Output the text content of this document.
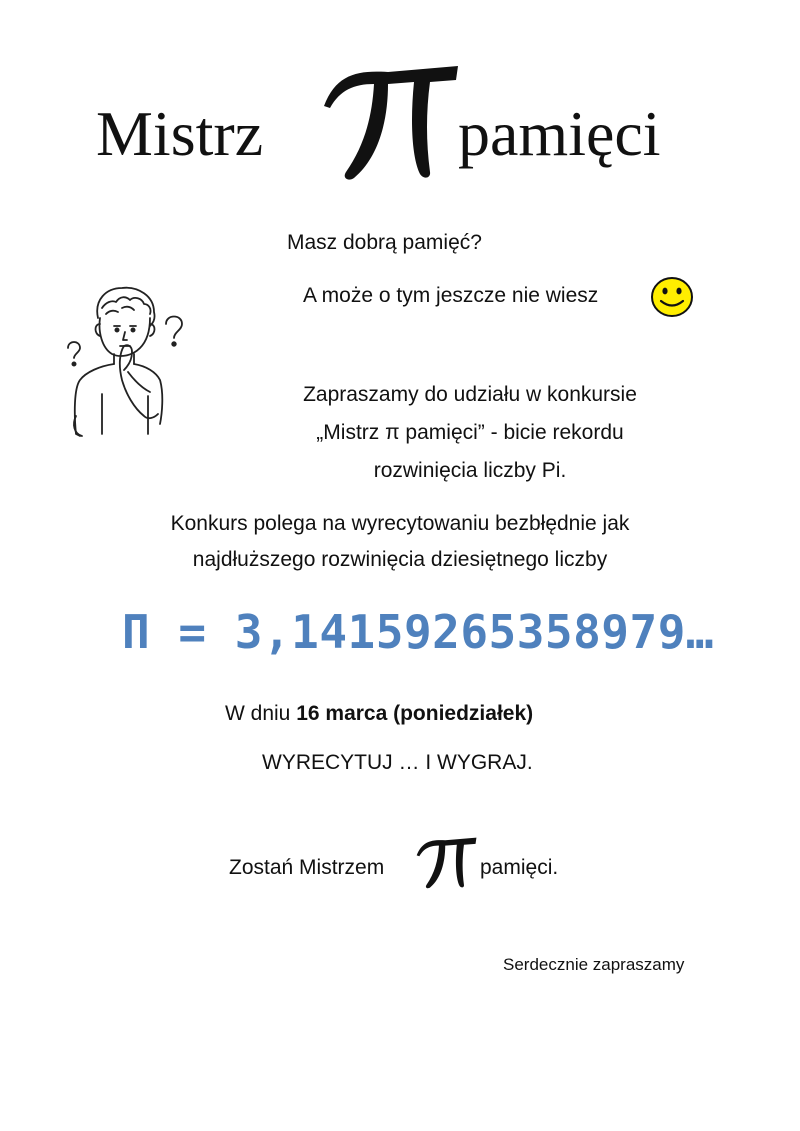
Mistrz	pamięci
Masz dobrą pamięć?
A może o tym jeszcze nie wiesz
Zapraszamy do udziału w konkursie
„Mistrz π pamięci” - bicie rekordu
rozwinięcia liczby Pi.
Konkurs polega na wyrecytowaniu bezbłędnie jak
najdłuższego rozwinięcia dziesiętnego liczby
Π = 3,14159265358979…
W dniu 16 marca (poniedziałek)
WYRECYTUJ … I WYGRAJ.
Zostań Mistrzem	pamięci.
Serdecznie zapraszamy
